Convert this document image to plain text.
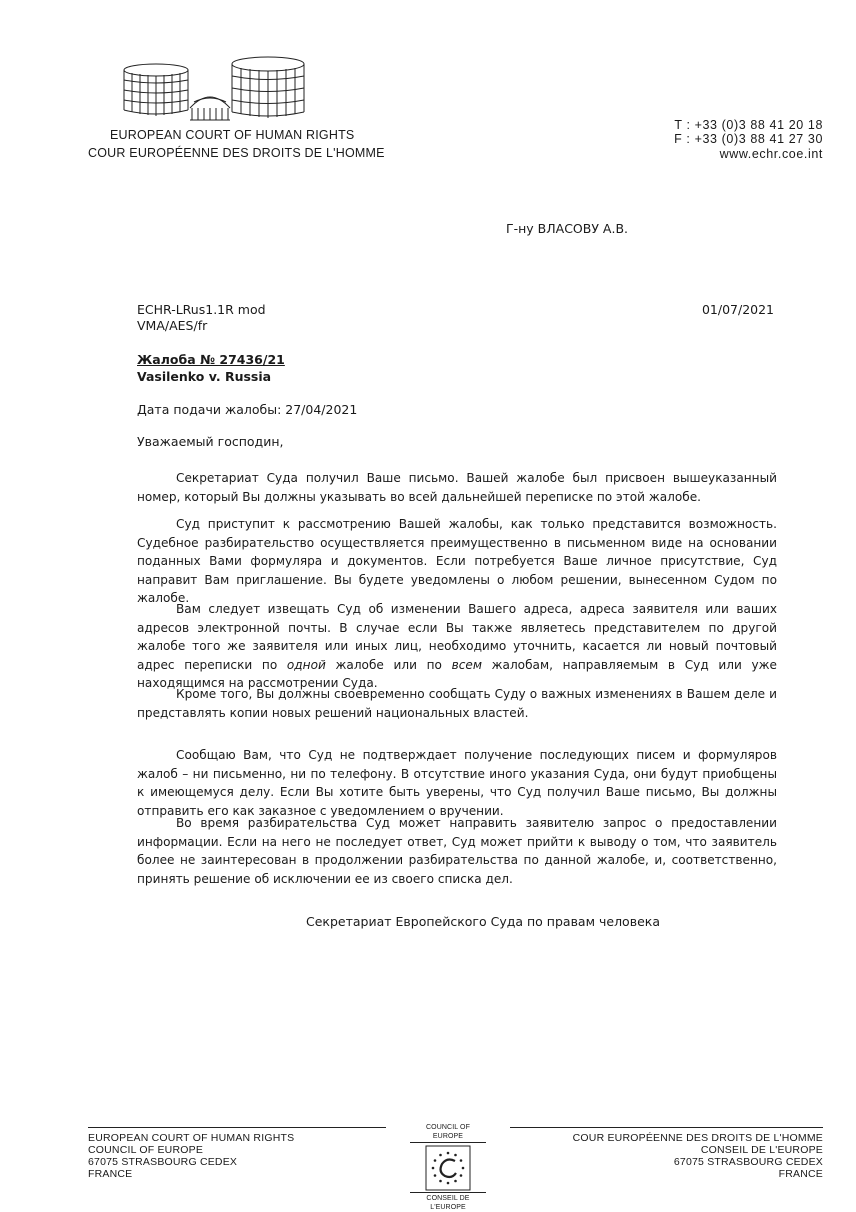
EUROPEAN COURT OF HUMAN RIGHTS
COUR EUROPÉENNE DES DROITS DE L'HOMME
T : +33 (0)3 88 41 20 18
F : +33 (0)3 88 41 27 30
www.echr.coe.int
Г-ну ВЛАСОВУ А.В.
ECHR-LRus1.1R mod
VMA/AES/fr
01/07/2021
Жалоба № 27436/21
Vasilenko v. Russia
Дата подачи жалобы: 27/04/2021
Уважаемый господин,
Секретариат Суда получил Ваше письмо. Вашей жалобе был присвоен вышеуказанный номер, который Вы должны указывать во всей дальнейшей переписке по этой жалобе.
Суд приступит к рассмотрению Вашей жалобы, как только представится возможность. Судебное разбирательство осуществляется преимущественно в письменном виде на основании поданных Вами формуляра и документов. Если потребуется Ваше личное присутствие, Суд направит Вам приглашение. Вы будете уведомлены о любом решении, вынесенном Судом по жалобе.
Вам следует извещать Суд об изменении Вашего адреса, адреса заявителя или ваших адресов электронной почты. В случае если Вы также являетесь представителем по другой жалобе того же заявителя или иных лиц, необходимо уточнить, касается ли новый почтовый адрес переписки по одной жалобе или по всем жалобам, направляемым в Суд или уже находящимся на рассмотрении Суда.
Кроме того, Вы должны своевременно сообщать Суду о важных изменениях в Вашем деле и представлять копии новых решений национальных властей.
Сообщаю Вам, что Суд не подтверждает получение последующих писем и формуляров жалоб – ни письменно, ни по телефону. В отсутствие иного указания Суда, они будут приобщены к имеющемуся делу. Если Вы хотите быть уверены, что Суд получил Ваше письмо, Вы должны отправить его как заказное с уведомлением о вручении.
Во время разбирательства Суд может направить заявителю запрос о предоставлении информации. Если на него не последует ответ, Суд может прийти к выводу о том, что заявитель более не заинтересован в продолжении разбирательства по данной жалобе, и, соответственно, принять решение об исключении ее из своего списка дел.
Секретариат Европейского Суда по правам человека
EUROPEAN COURT OF HUMAN RIGHTS
COUNCIL OF EUROPE
67075 STRASBOURG CEDEX
FRANCE
COUNCIL OF EUROPE
CONSEIL DE L'EUROPE
COUR EUROPÉENNE DES DROITS DE L'HOMME
CONSEIL DE L'EUROPE
67075 STRASBOURG CEDEX
FRANCE
